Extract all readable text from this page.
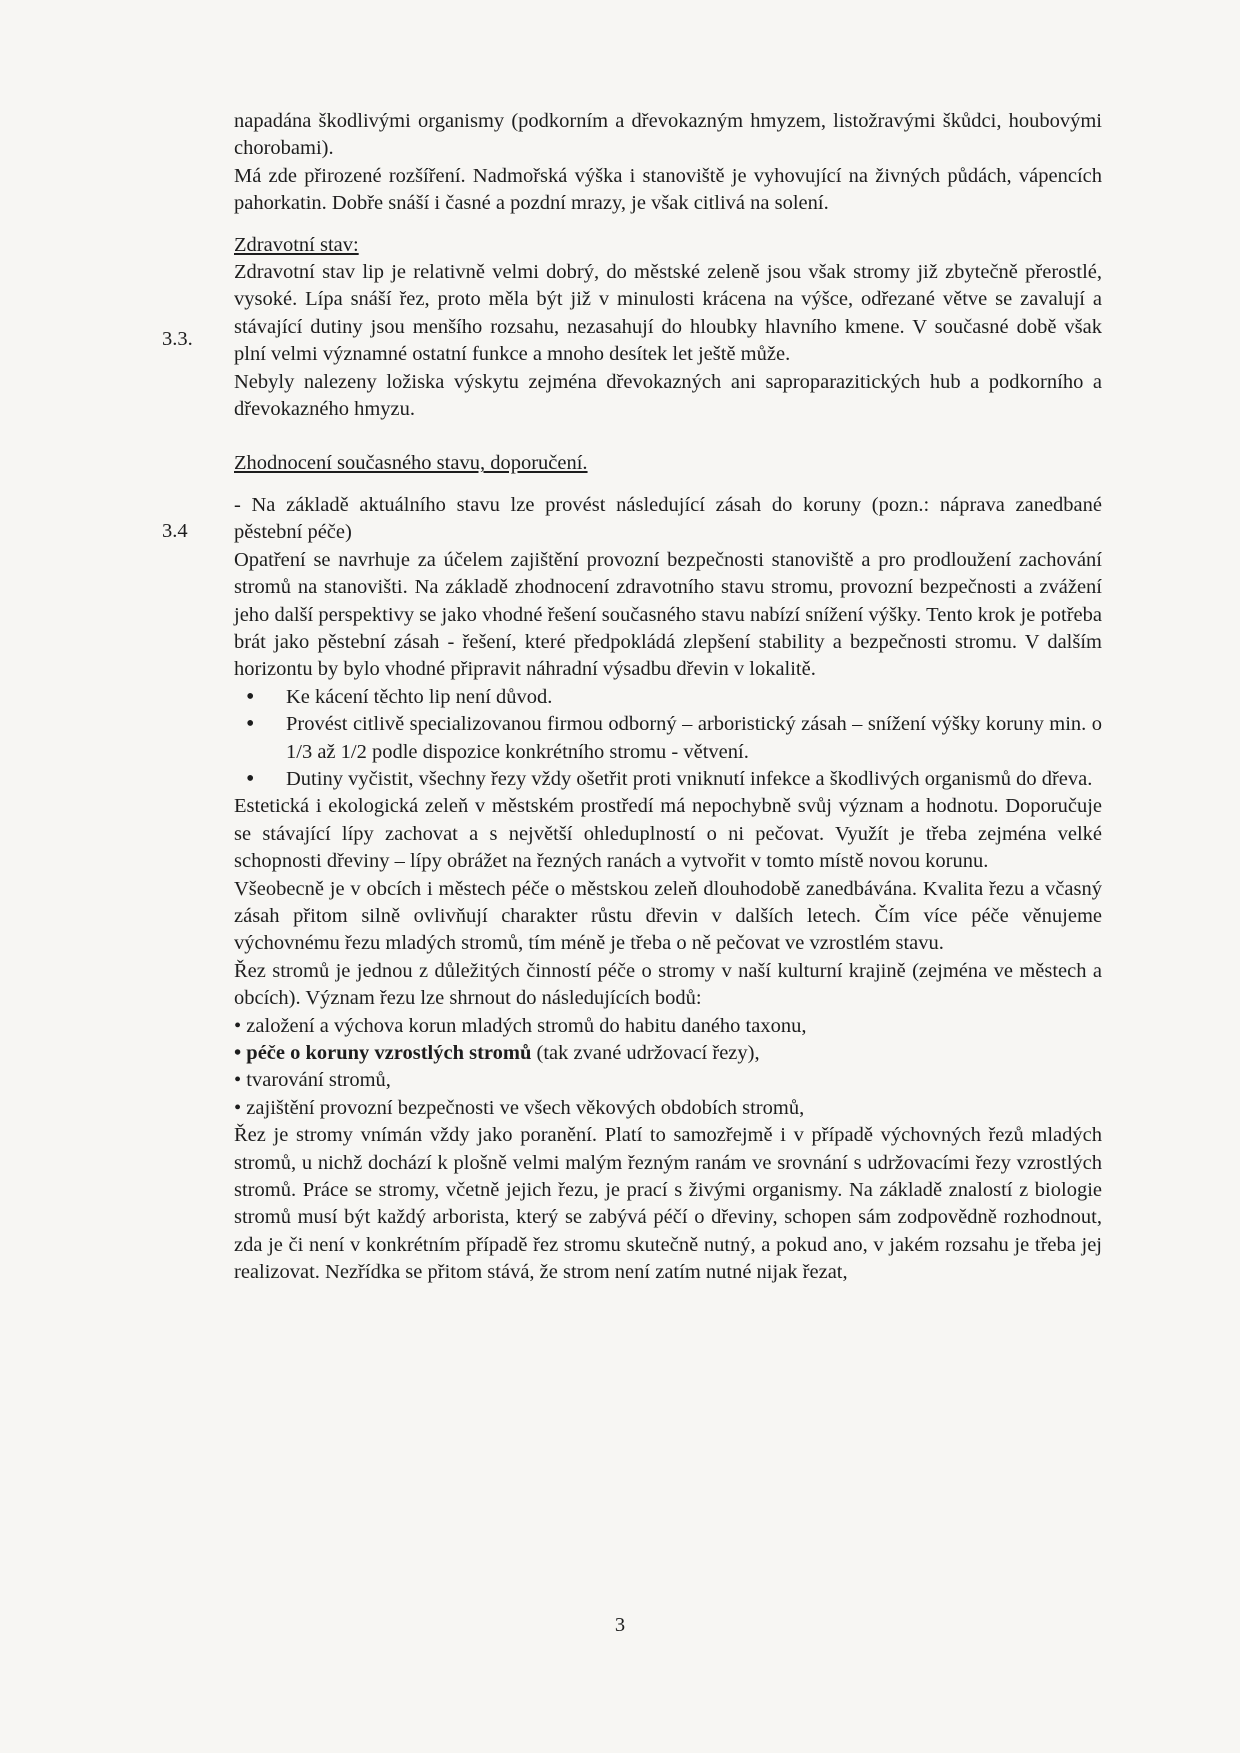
3.3.
3.4

napadána škodlivými organismy (podkorním a dřevokazným hmyzem, listožravými škůdci, houbovými chorobami).

Má zde přirozené rozšíření. Nadmořská výška i stanoviště je vyhovující na živných půdách, vápencích pahorkatin. Dobře snáší i časné a pozdní mrazy, je však citlivá na solení.

Zdravotní stav:

Zdravotní stav lip je relativně velmi dobrý, do městské zeleně jsou však stromy již zbytečně přerostlé, vysoké. Lípa snáší řez, proto měla být již v minulosti krácena na výšce, odřezané větve se zavalují a stávající dutiny jsou menšího rozsahu, nezasahují do hloubky hlavního kmene. V současné době však plní velmi významné ostatní funkce a mnoho desítek let ještě může.

Nebyly nalezeny ložiska výskytu zejména dřevokazných ani saproparazitických hub a podkorního a dřevokazného hmyzu.

Zhodnocení současného stavu, doporučení.

- Na základě aktuálního stavu lze provést následující zásah do koruny (pozn.: náprava zanedbané pěstební péče)

Opatření se navrhuje za účelem zajištění provozní bezpečnosti stanoviště a pro prodloužení zachování stromů na stanovišti. Na základě zhodnocení zdravotního stavu stromu, provozní bezpečnosti a zvážení jeho další perspektivy se jako vhodné řešení současného stavu nabízí snížení výšky. Tento krok je potřeba brát jako pěstební zásah - řešení, které předpokládá zlepšení stability a bezpečnosti stromu. V dalším horizontu by bylo vhodné připravit náhradní výsadbu dřevin v lokalitě.

• Ke kácení těchto lip není důvod.
• Provést citlivě specializovanou firmou odborný – arboristický zásah – snížení výšky koruny min. o 1/3 až 1/2 podle dispozice konkrétního stromu - větvení.
• Dutiny vyčistit, všechny řezy vždy ošetřit proti vniknutí infekce a škodlivých organismů do dřeva.

Estetická i ekologická zeleň v městském prostředí má nepochybně svůj význam a hodnotu. Doporučuje se stávající lípy zachovat a s největší ohleduplností o ni pečovat. Využít je třeba zejména velké schopnosti dřeviny – lípy obrážet na řezných ranách a vytvořit v tomto místě novou korunu.

Všeobecně je v obcích i městech péče o městskou zeleň dlouhodobě zanedbávána. Kvalita řezu a včasný zásah přitom silně ovlivňují charakter růstu dřevin v dalších letech. Čím více péče věnujeme výchovnému řezu mladých stromů, tím méně je třeba o ně pečovat ve vzrostlém stavu.

Řez stromů je jednou z důležitých činností péče o stromy v naší kulturní krajině (zejména ve městech a obcích). Význam řezu lze shrnout do následujících bodů:

• založení a výchova korun mladých stromů do habitu daného taxonu,

• péče o koruny vzrostlých stromů (tak zvané udržovací řezy),

• tvarování stromů,

• zajištění provozní bezpečnosti ve všech věkových obdobích stromů,

Řez je stromy vnímán vždy jako poranění. Platí to samozřejmě i v případě výchovných řezů mladých stromů, u nichž dochází k plošně velmi malým řezným ranám ve srovnání s udržovacími řezy vzrostlých stromů. Práce se stromy, včetně jejich řezu, je prací s živými organismy. Na základě znalostí z biologie stromů musí být každý arborista, který se zabývá péčí o dřeviny, schopen sám zodpovědně rozhodnout, zda je či není v konkrétním případě řez stromu skutečně nutný, a pokud ano, v jakém rozsahu je třeba jej realizovat. Nezřídka se přitom stává, že strom není zatím nutné nijak řezat,

3
